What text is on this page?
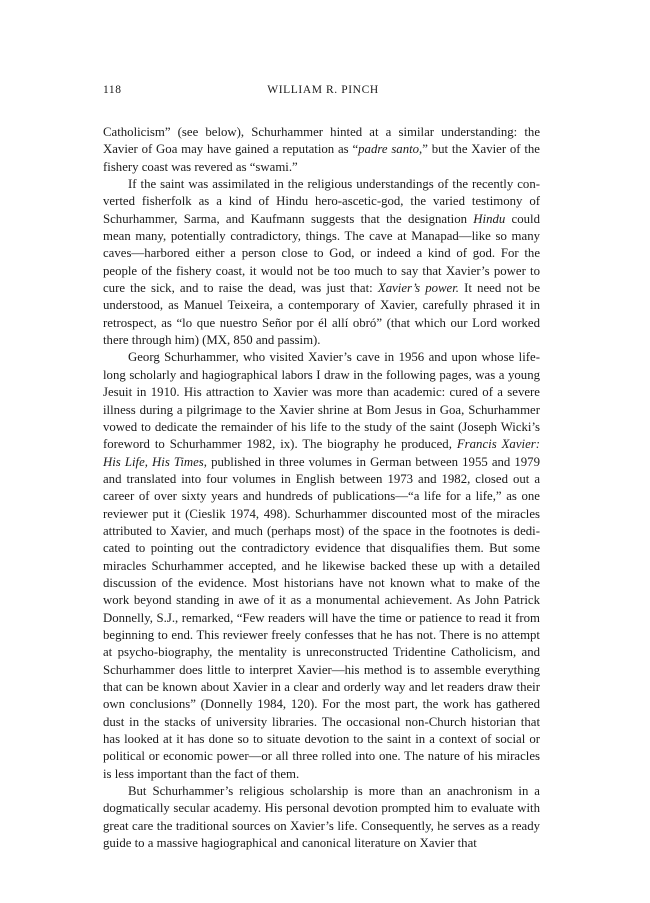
118	WILLIAM R. PINCH

Catholicism” (see below), Schurhammer hinted at a similar understanding: the Xavier of Goa may have gained a reputation as “padre santo,” but the Xavier of the fishery coast was revered as “swami.”

If the saint was assimilated in the religious understandings of the recently converted fisherfolk as a kind of Hindu hero-ascetic-god, the varied testimony of Schurhammer, Sarma, and Kaufmann suggests that the designation Hindu could mean many, potentially contradictory, things. The cave at Manapad—like so many caves—harbored either a person close to God, or indeed a kind of god. For the people of the fishery coast, it would not be too much to say that Xavier’s power to cure the sick, and to raise the dead, was just that: Xavier’s power. It need not be understood, as Manuel Teixeira, a contemporary of Xavier, carefully phrased it in retrospect, as “lo que nuestro Señor por él allí obró” (that which our Lord worked there through him) (MX, 850 and passim).

Georg Schurhammer, who visited Xavier’s cave in 1956 and upon whose lifelong scholarly and hagiographical labors I draw in the following pages, was a young Jesuit in 1910. His attraction to Xavier was more than academic: cured of a severe illness during a pilgrimage to the Xavier shrine at Bom Jesus in Goa, Schurhammer vowed to dedicate the remainder of his life to the study of the saint (Joseph Wicki’s foreword to Schurhammer 1982, ix). The biography he produced, Francis Xavier: His Life, His Times, published in three volumes in German between 1955 and 1979 and translated into four volumes in English between 1973 and 1982, closed out a career of over sixty years and hundreds of publications—“a life for a life,” as one reviewer put it (Cieslik 1974, 498). Schurhammer discounted most of the miracles attributed to Xavier, and much (perhaps most) of the space in the footnotes is dedicated to pointing out the contradictory evidence that disqualifies them. But some miracles Schurhammer accepted, and he likewise backed these up with a detailed discussion of the evidence. Most historians have not known what to make of the work beyond standing in awe of it as a monumental achievement. As John Patrick Donnelly, S.J., remarked, “Few readers will have the time or patience to read it from beginning to end. This reviewer freely confesses that he has not. There is no attempt at psycho-biography, the mentality is unreconstructed Tridentine Catholicism, and Schurhammer does little to interpret Xavier—his method is to assemble everything that can be known about Xavier in a clear and orderly way and let readers draw their own conclusions” (Donnelly 1984, 120). For the most part, the work has gathered dust in the stacks of university libraries. The occasional non-Church historian that has looked at it has done so to situate devotion to the saint in a context of social or political or economic power—or all three rolled into one. The nature of his miracles is less important than the fact of them.

But Schurhammer’s religious scholarship is more than an anachronism in a dogmatically secular academy. His personal devotion prompted him to evaluate with great care the traditional sources on Xavier’s life. Consequently, he serves as a ready guide to a massive hagiographical and canonical literature on Xavier that
